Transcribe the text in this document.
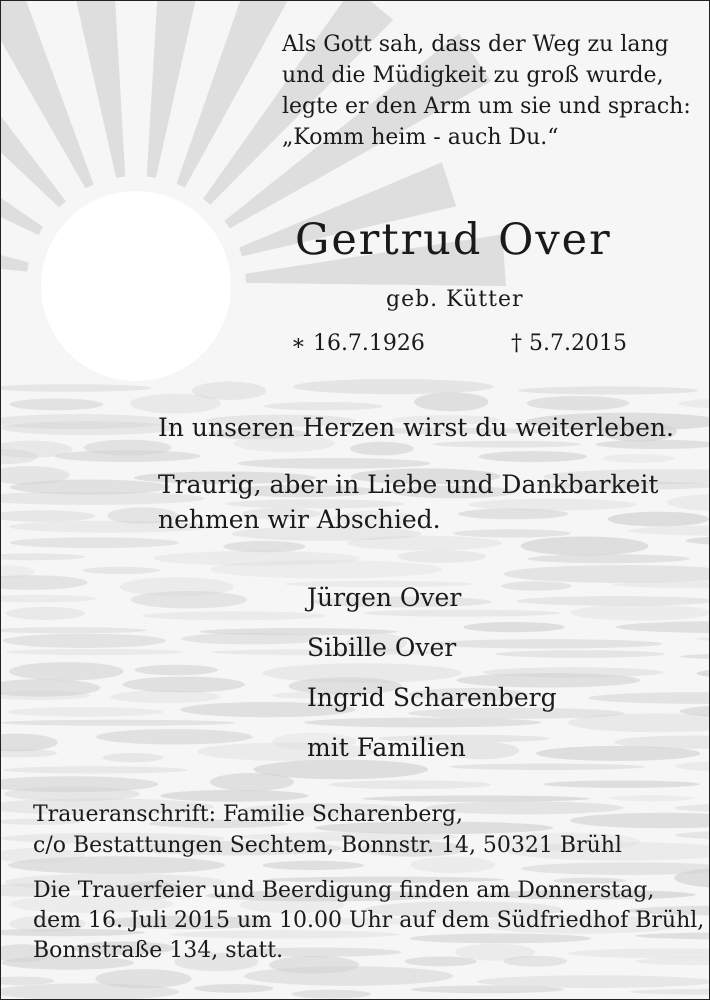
Als Gott sah, dass der Weg zu lang
und die Müdigkeit zu groß wurde,
legte er den Arm um sie und sprach:
„Komm heim - auch Du.“
Gertrud Over
geb. Kütter
∗ 16.7.1926	† 5.7.2015
In unseren Herzen wirst du weiterleben.
Traurig, aber in Liebe und Dankbarkeit
nehmen wir Abschied.
Jürgen Over
Sibille Over
Ingrid Scharenberg
mit Familien
Traueranschrift: Familie Scharenberg,
c/o Bestattungen Sechtem, Bonnstr. 14, 50321 Brühl
Die Trauerfeier und Beerdigung finden am Donnerstag,
dem 16. Juli 2015 um 10.00 Uhr auf dem Südfriedhof Brühl,
Bonnstraße 134, statt.
